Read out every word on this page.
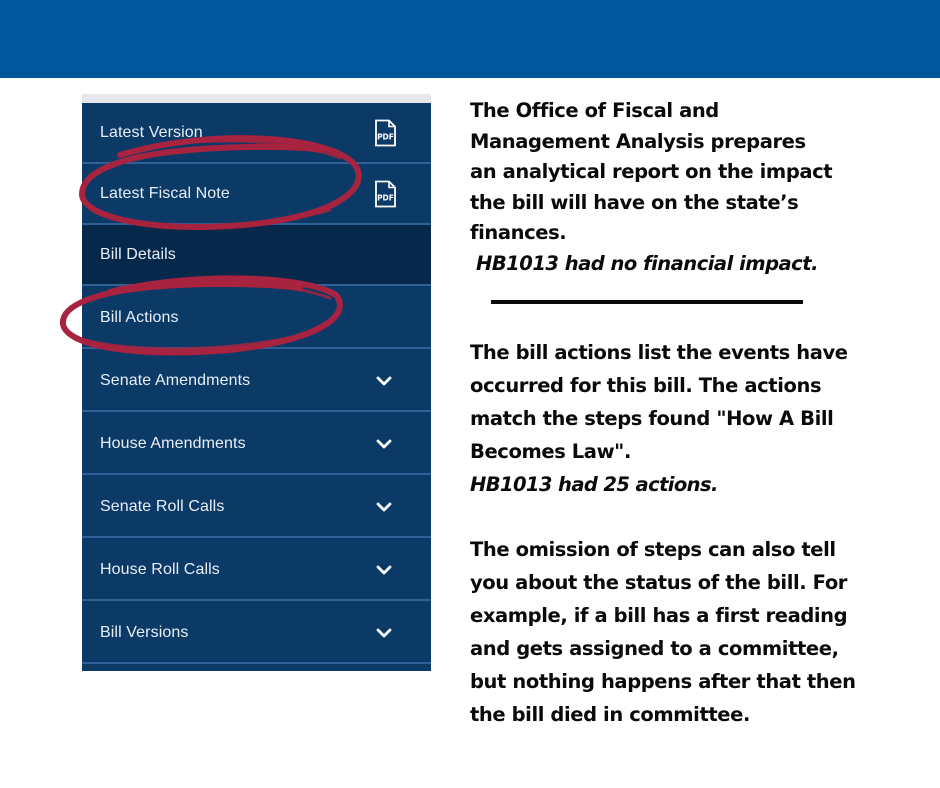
Latest Version	PDF
Latest Fiscal Note	PDF
Bill Details
Bill Actions
Senate Amendments
House Amendments
Senate Roll Calls
House Roll Calls
Bill Versions

The Office of Fiscal and
Management Analysis prepares
an analytical report on the impact
the bill will have on the state’s
finances.

HB1013 had no financial impact.

The bill actions list the events have
occurred for this bill. The actions
match the steps found "How A Bill
Becomes Law".
HB1013 had 25 actions.

The omission of steps can also tell
you about the status of the bill. For
example, if a bill has a first reading
and gets assigned to a committee,
but nothing happens after that then
the bill died in committee.
